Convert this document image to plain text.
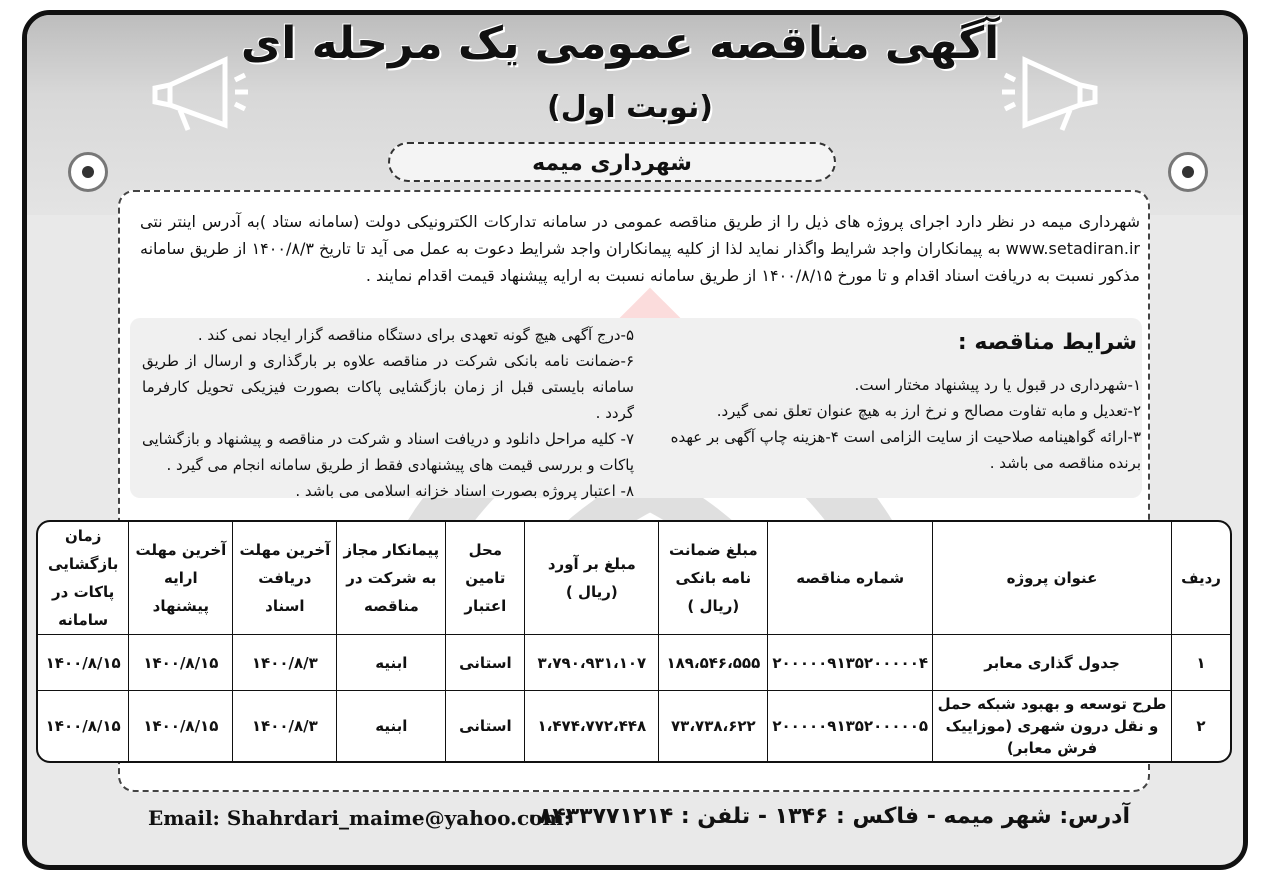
آگهی مناقصه عمومی یک مرحله ای
(نوبت اول)
شهرداری میمه
شهرداری میمه در نظر دارد اجرای پروژه های ذیل را از طریق مناقصه عمومی در سامانه تدارکات الکترونیکی دولت (سامانه ستاد )به آدرس اینتر نتی www.setadiran.ir به پیمانکاران واجد شرایط واگذار نماید لذا از کلیه پیمانکاران واجد شرایط دعوت به عمل می آید تا تاریخ ۱۴۰۰/۸/۳ از طریق سامانه مذکور نسبت به دریافت اسناد اقدام و تا مورخ ۱۴۰۰/۸/۱۵ از طریق سامانه نسبت به ارایه پیشنهاد قیمت اقدام نمایند .
شرایط مناقصه :
۱-شهرداری در قبول یا رد پیشنهاد مختار است.
۲-تعدیل و مابه تفاوت مصالح و نرخ ارز به هیچ عنوان تعلق نمی گیرد.
۳-ارائه گواهینامه صلاحیت از سایت الزامی است ۴-هزینه چاپ آگهی بر عهده برنده مناقصه می باشد .
۵-درج آگهی هیچ گونه تعهدی برای دستگاه مناقصه گزار ایجاد نمی کند .
۶-ضمانت نامه بانکی شرکت در مناقصه علاوه بر بارگذاری و ارسال از طریق سامانه بایستی قبل از زمان بازگشایی پاکات بصورت فیزیکی تحویل کارفرما گردد .
۷- کلیه مراحل دانلود و دریافت اسناد و شرکت در مناقصه و پیشنهاد و بازگشایی پاکات و بررسی قیمت های پیشنهادی فقط از طریق سامانه انجام می گیرد .
۸- اعتبار پروژه بصورت اسناد خزانه اسلامی می باشد .
ردیف	عنوان پروژه	شماره مناقصه	مبلغ ضمانت نامه بانکی (ریال )	مبلغ بر آورد (ریال )	محل تامین اعتبار	پیمانکار مجاز به شرکت در مناقصه	آخرین مهلت دریافت اسناد	آخرین مهلت ارایه پیشنهاد	زمان بازگشایی پاکات در سامانه
۱	جدول گذاری معابر	۲۰۰۰۰۰۹۱۳۵۲۰۰۰۰۰۴	۱۸۹،۵۴۶،۵۵۵	۳،۷۹۰،۹۳۱،۱۰۷	استانی	ابنیه	۱۴۰۰/۸/۳	۱۴۰۰/۸/۱۵	۱۴۰۰/۸/۱۵
۲	طرح توسعه و بهبود شبکه حمل و نقل درون شهری (موزاییک فرش معابر)	۲۰۰۰۰۰۹۱۳۵۲۰۰۰۰۰۵	۷۳،۷۳۸،۶۲۲	۱،۴۷۴،۷۷۲،۴۴۸	استانی	ابنیه	۱۴۰۰/۸/۳	۱۴۰۰/۸/۱۵	۱۴۰۰/۸/۱۵
Email: Shahrdari_maime@yahoo.com:
آدرس: شهر میمه - فاکس : ۱۳۴۶ - تلفن : ۰۸۴۳۳۷۷۱۲۱۴
